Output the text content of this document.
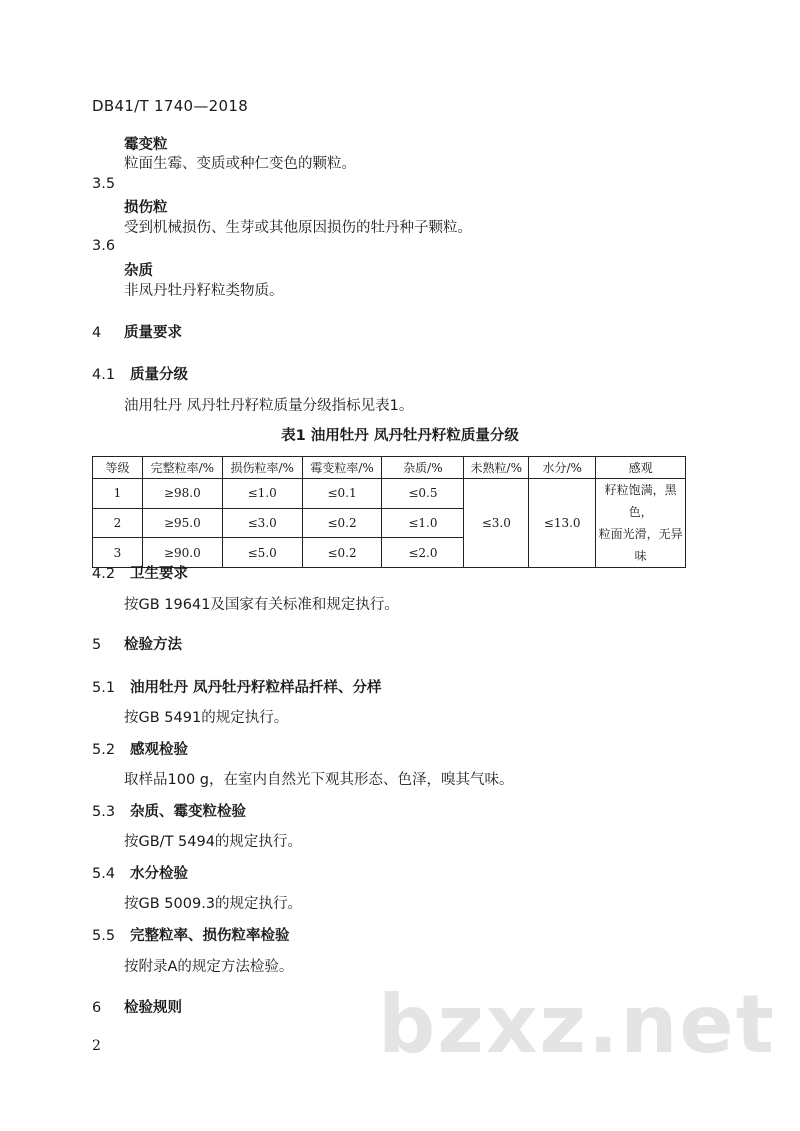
DB41/T 1740—2018
霉变粒
粒面生霉、变质或种仁变色的颗粒。
3.5
损伤粒
受到机械损伤、生芽或其他原因损伤的牡丹种子颗粒。
3.6
杂质
非凤丹牡丹籽粒类物质。
4 质量要求
4.1 质量分级
油用牡丹 凤丹牡丹籽粒质量分级指标见表1。
表1 油用牡丹 凤丹牡丹籽粒质量分级
等级	完整粒率/%	损伤粒率/%	霉变粒率/%	杂质/%	未熟粒/%	水分/%	感观
1	≥98.0	≤1.0	≤0.1	≤0.5	≤3.0	≤13.0	籽粒饱满，黑色，
粒面光滑，无异味

2	≥95.0	≤3.0	≤0.2	≤1.0			
3	≥90.0	≤5.0	≤0.2	≤2.0			
4.2 卫生要求
按GB 19641及国家有关标准和规定执行。
5 检验方法
5.1 油用牡丹 凤丹牡丹籽粒样品扦样、分样
按GB 5491的规定执行。
5.2 感观检验
取样品100 g，在室内自然光下观其形态、色泽，嗅其气味。
5.3 杂质、霉变粒检验
按GB/T 5494的规定执行。
5.4 水分检验
按GB 5009.3的规定执行。
5.5 完整粒率、损伤粒率检验
按附录A的规定方法检验。
6 检验规则 bzxz.net
2
